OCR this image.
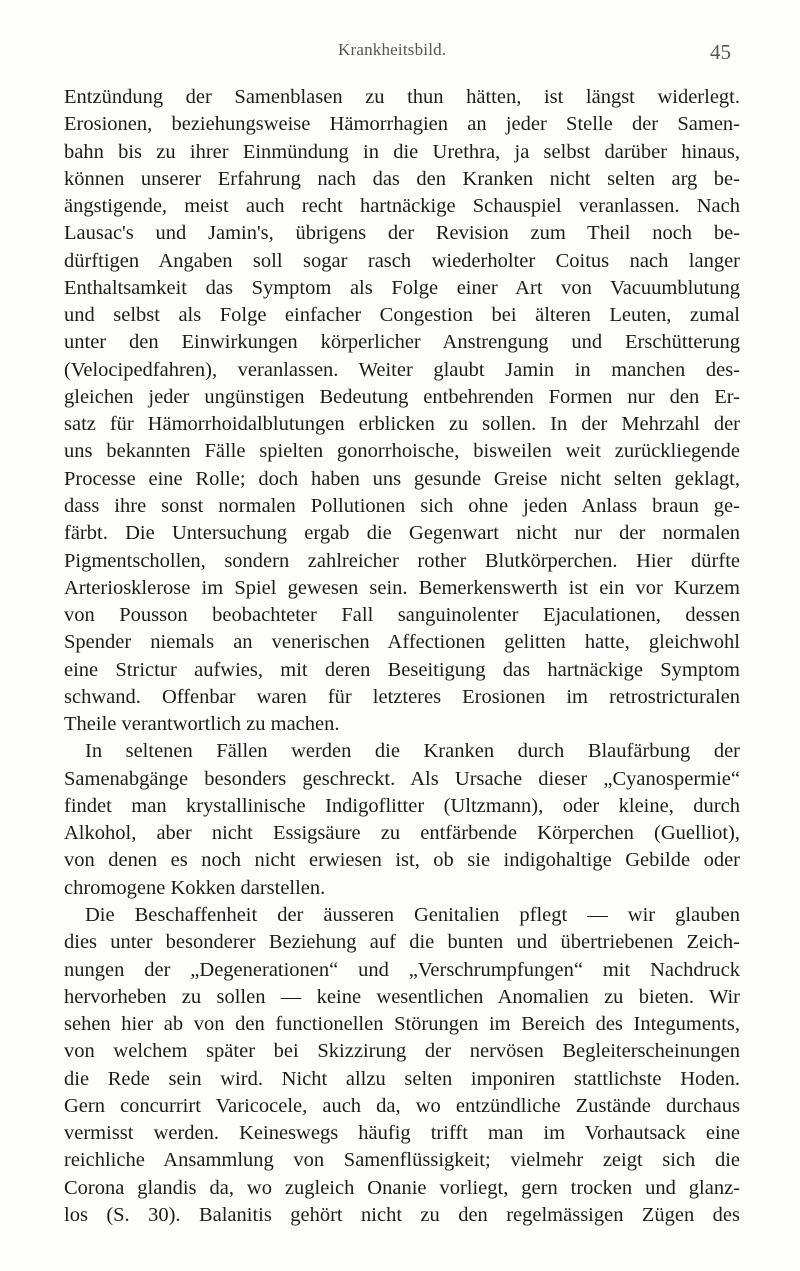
Krankheitsbild.	45
Entzündung der Samenblasen zu thun hätten, ist längst widerlegt.
Erosionen, beziehungsweise Hämorrhagien an jeder Stelle der Samen-
bahn bis zu ihrer Einmündung in die Urethra, ja selbst darüber hinaus,
können unserer Erfahrung nach das den Kranken nicht selten arg be-
ängstigende, meist auch recht hartnäckige Schauspiel veranlassen. Nach
Lausac's und Jamin's, übrigens der Revision zum Theil noch be-
dürftigen Angaben soll sogar rasch wiederholter Coitus nach langer
Enthaltsamkeit das Symptom als Folge einer Art von Vacuumblutung
und selbst als Folge einfacher Congestion bei älteren Leuten, zumal
unter den Einwirkungen körperlicher Anstrengung und Erschütterung
(Velocipedfahren), veranlassen. Weiter glaubt Jamin in manchen des-
gleichen jeder ungünstigen Bedeutung entbehrenden Formen nur den Er-
satz für Hämorrhoidalblutungen erblicken zu sollen. In der Mehrzahl der
uns bekannten Fälle spielten gonorrhoische, bisweilen weit zurückliegende
Processe eine Rolle; doch haben uns gesunde Greise nicht selten geklagt,
dass ihre sonst normalen Pollutionen sich ohne jeden Anlass braun ge-
färbt. Die Untersuchung ergab die Gegenwart nicht nur der normalen
Pigmentschollen, sondern zahlreicher rother Blutkörperchen. Hier dürfte
Arteriosklerose im Spiel gewesen sein. Bemerkenswerth ist ein vor Kurzem
von Pousson beobachteter Fall sanguinolenter Ejaculationen, dessen
Spender niemals an venerischen Affectionen gelitten hatte, gleichwohl
eine Strictur aufwies, mit deren Beseitigung das hartnäckige Symptom
schwand. Offenbar waren für letzteres Erosionen im retrostricturalen
Theile verantwortlich zu machen.
In seltenen Fällen werden die Kranken durch Blaufärbung der
Samenabgänge besonders geschreckt. Als Ursache dieser „Cyanospermie“
findet man krystallinische Indigoflitter (Ultzmann), oder kleine, durch
Alkohol, aber nicht Essigsäure zu entfärbende Körperchen (Guelliot),
von denen es noch nicht erwiesen ist, ob sie indigohaltige Gebilde oder
chromogene Kokken darstellen.
Die Beschaffenheit der äusseren Genitalien pflegt — wir glauben
dies unter besonderer Beziehung auf die bunten und übertriebenen Zeich-
nungen der „Degenerationen“ und „Verschrumpfungen“ mit Nachdruck
hervorheben zu sollen — keine wesentlichen Anomalien zu bieten. Wir
sehen hier ab von den functionellen Störungen im Bereich des Integuments,
von welchem später bei Skizzirung der nervösen Begleiterscheinungen
die Rede sein wird. Nicht allzu selten imponiren stattlichste Hoden.
Gern concurrirt Varicocele, auch da, wo entzündliche Zustände durchaus
vermisst werden. Keineswegs häufig trifft man im Vorhautsack eine
reichliche Ansammlung von Samenflüssigkeit; vielmehr zeigt sich die
Corona glandis da, wo zugleich Onanie vorliegt, gern trocken und glanz-
los (S. 30). Balanitis gehört nicht zu den regelmässigen Zügen des
